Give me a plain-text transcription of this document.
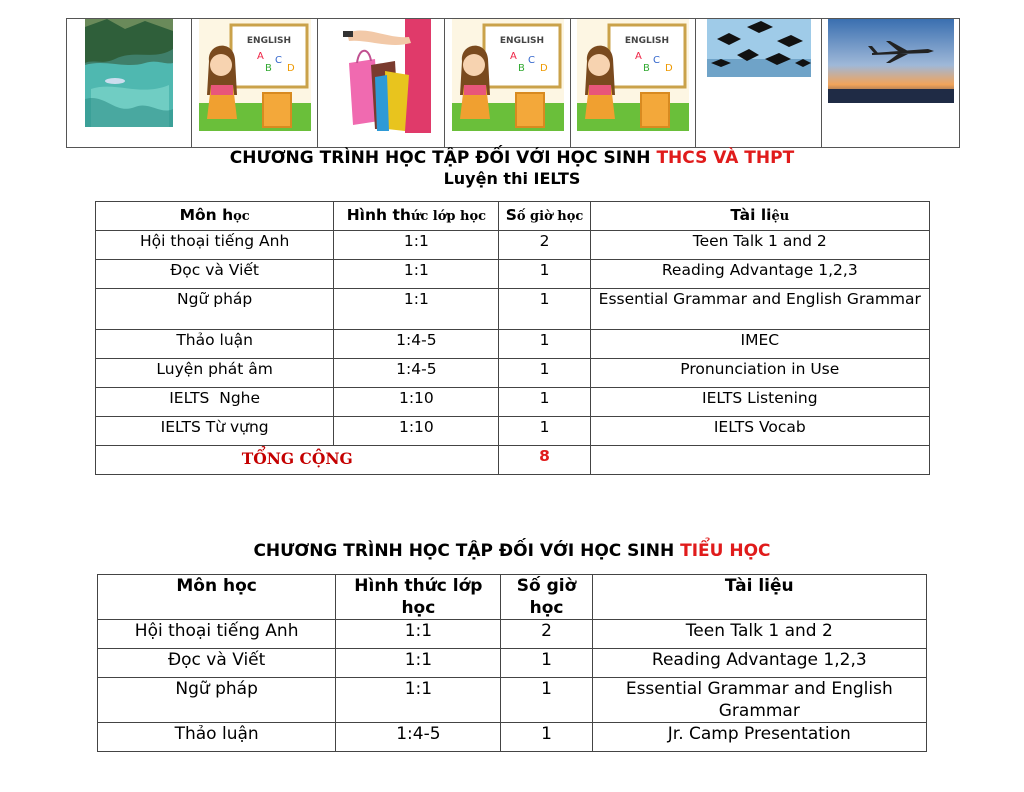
ENGLISH
A
B
C
D

ENGLISH
A
B
C
D

ENGLISH
A
B
C
D

CHƯƠNG TRÌNH HỌC TẬP ĐỐI VỚI HỌC SINH THCS VÀ THPT
Luyện thi IELTS
Môn học	Hình thức lớp học	Số giờ học	Tài liệu
Hội thoại tiếng Anh	1:1	2	Teen Talk 1 and 2
Đọc và Viết	1:1	1	Reading Advantage 1,2,3
Ngữ pháp	1:1	1	Essential Grammar and English Grammar
Thảo luận	1:4-5	1	IMEC
Luyện phát âm	1:4-5	1	Pronunciation in Use
IELTS  Nghe	1:10	1	IELTS Listening
IELTS Từ vựng	1:10	1	IELTS Vocab
TỔNG CỘNG		8	
CHƯƠNG TRÌNH HỌC TẬP ĐỐI VỚI HỌC SINH TIỂU HỌC
Môn học	Hình thức lớp học	Số giờ học	Tài liệu
Hội thoại tiếng Anh	1:1	2	Teen Talk 1 and 2
Đọc và Viết	1:1	1	Reading Advantage 1,2,3
Ngữ pháp	1:1	1	Essential Grammar and English Grammar
Thảo luận	1:4-5	1	Jr. Camp Presentation
